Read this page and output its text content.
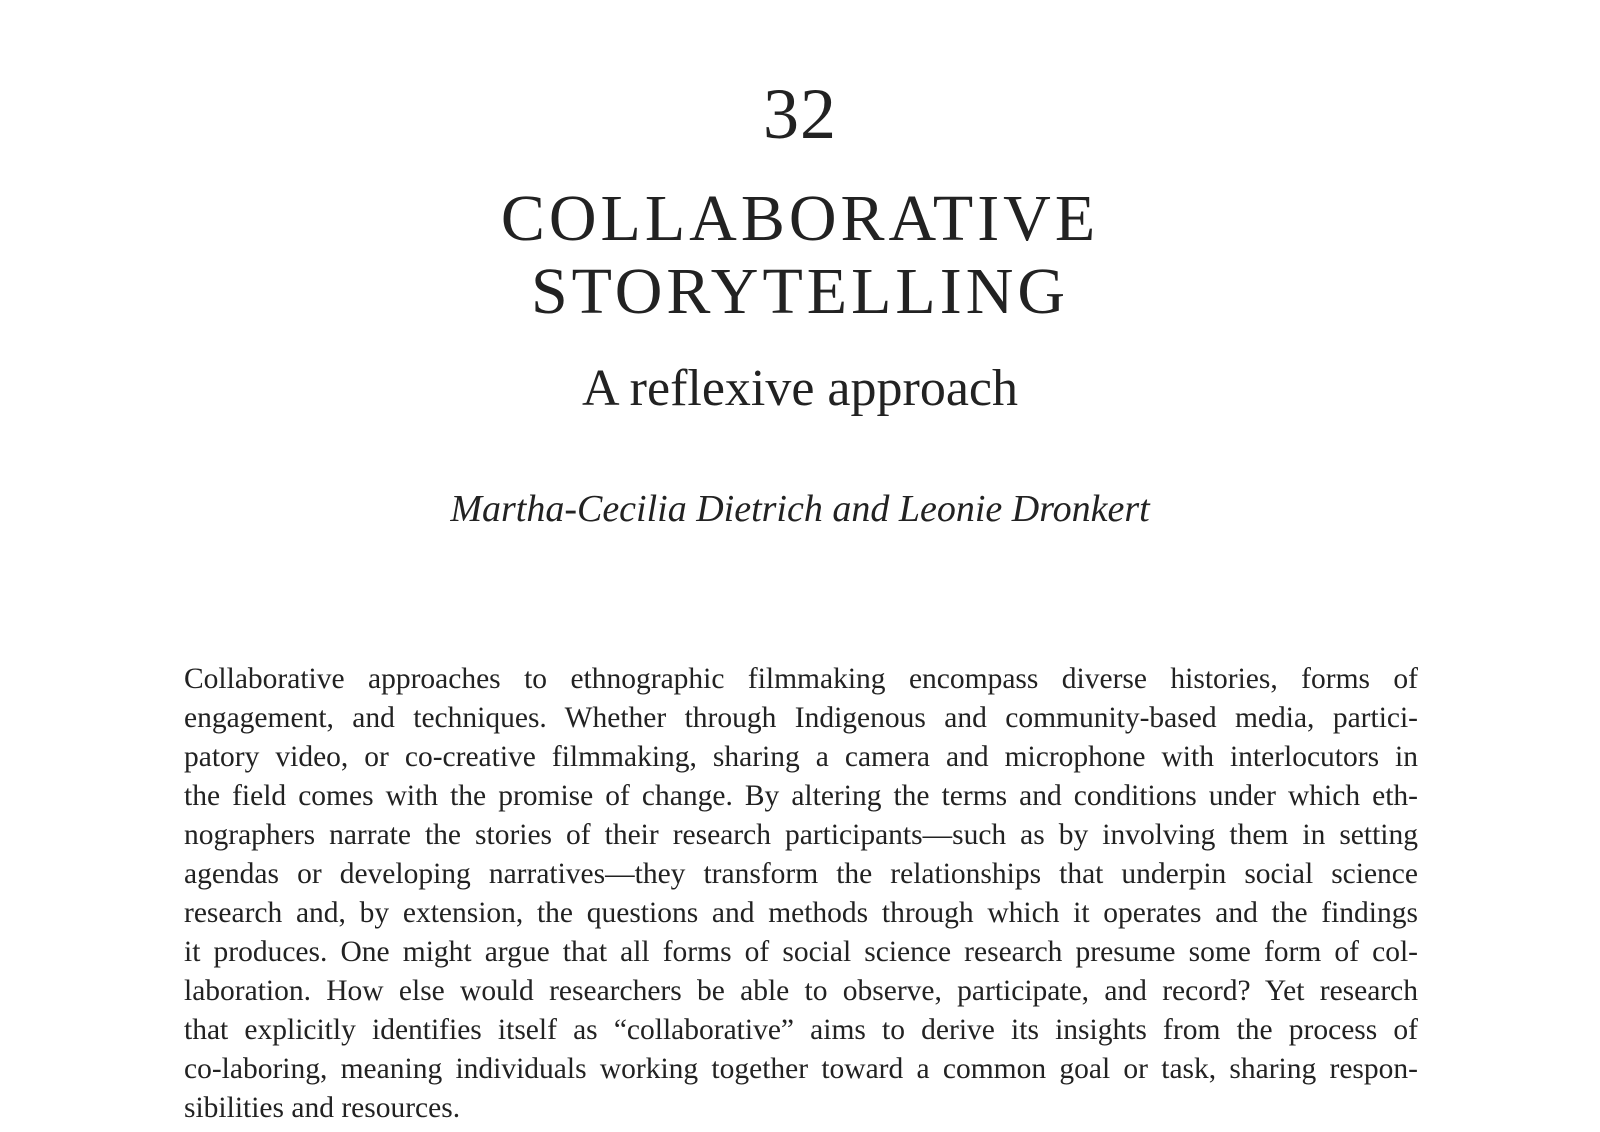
32
COLLABORATIVE
STORYTELLING
A reflexive approach

Martha-Cecilia Dietrich and Leonie Dronkert

Collaborative approaches to ethnographic filmmaking encompass diverse histories, forms of
engagement, and techniques. Whether through Indigenous and community-based media, partici-
patory video, or co-creative filmmaking, sharing a camera and microphone with interlocutors in
the field comes with the promise of change. By altering the terms and conditions under which eth-
nographers narrate the stories of their research participants—such as by involving them in setting
agendas or developing narratives—they transform the relationships that underpin social science
research and, by extension, the questions and methods through which it operates and the findings
it produces. One might argue that all forms of social science research presume some form of col-
laboration. How else would researchers be able to observe, participate, and record? Yet research
that explicitly identifies itself as “collaborative” aims to derive its insights from the process of
co-laboring, meaning individuals working together toward a common goal or task, sharing respon-
sibilities and resources.
